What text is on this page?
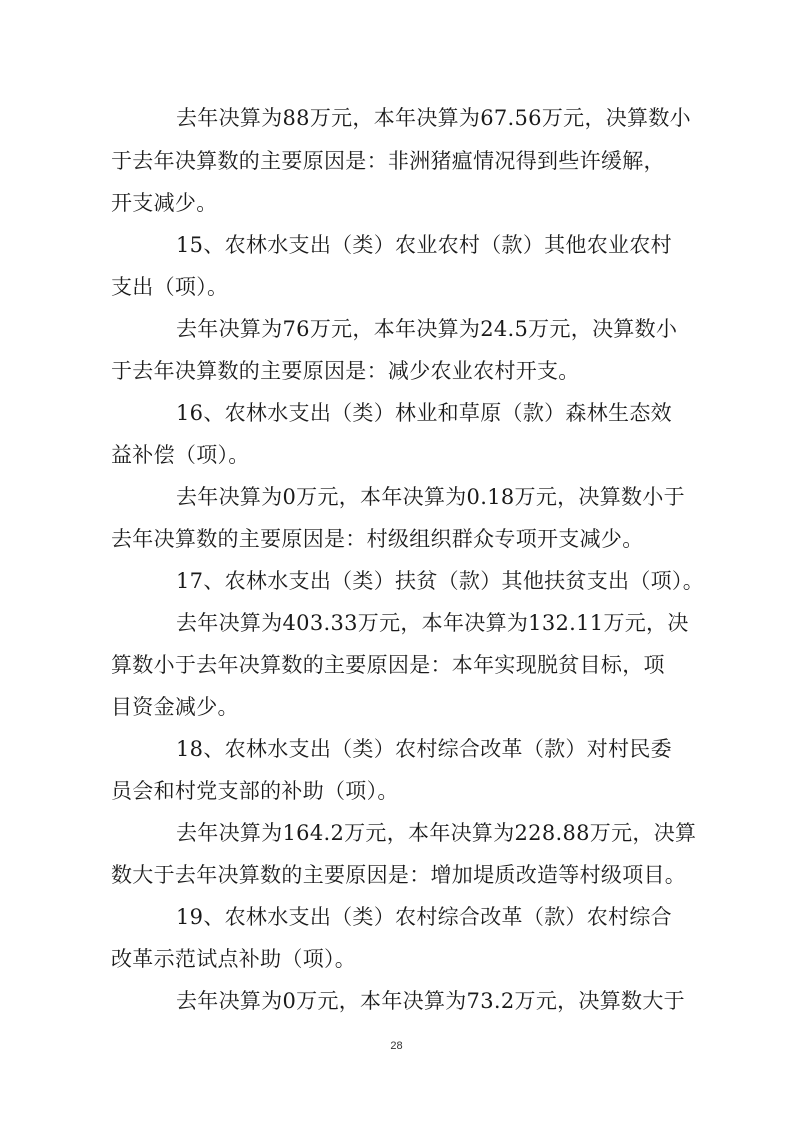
去年决算为88万元，本年决算为67.56万元，决算数小
于去年决算数的主要原因是：非洲猪瘟情况得到些许缓解，
开支减少。
15、农林水支出（类）农业农村（款）其他农业农村
支出（项）。
去年决算为76万元，本年决算为24.5万元，决算数小
于去年决算数的主要原因是：减少农业农村开支。
16、农林水支出（类）林业和草原（款）森林生态效
益补偿（项）。
去年决算为0万元，本年决算为0.18万元，决算数小于
去年决算数的主要原因是：村级组织群众专项开支减少。
17、农林水支出（类）扶贫（款）其他扶贫支出（项）。
去年决算为403.33万元，本年决算为132.11万元，决
算数小于去年决算数的主要原因是：本年实现脱贫目标，项
目资金减少。
18、农林水支出（类）农村综合改革（款）对村民委
员会和村党支部的补助（项）。
去年决算为164.2万元，本年决算为228.88万元，决算
数大于去年决算数的主要原因是：增加堤质改造等村级项目。
19、农林水支出（类）农村综合改革（款）农村综合
改革示范试点补助（项）。
去年决算为0万元，本年决算为73.2万元，决算数大于
28
